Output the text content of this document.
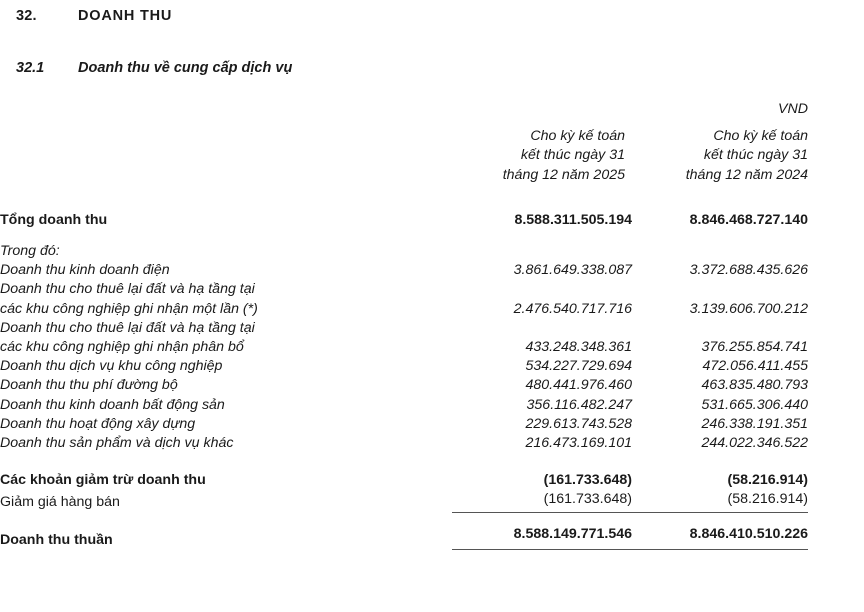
32.	DOANH THU
32.1	Doanh thu về cung cấp dịch vụ
		VND	
	Cho kỳ kế toán	Cho kỳ kế toán	
	kết thúc ngày 31	kết thúc ngày 31	
	tháng 12 năm 2025	tháng 12 năm 2024	
Tổng doanh thu	8.588.311.505.194	8.846.468.727.140	
Trong đó:			
Doanh thu kinh doanh điện	3.861.649.338.087	3.372.688.435.626	
Doanh thu cho thuê lại đất và hạ tầng tại			
các khu công nghiệp ghi nhận một lần (*)	2.476.540.717.716	3.139.606.700.212	
Doanh thu cho thuê lại đất và hạ tầng tại			
các khu công nghiệp ghi nhận phân bổ	433.248.348.361	376.255.854.741	
Doanh thu dịch vụ khu công nghiệp	534.227.729.694	472.056.411.455	
Doanh thu thu phí đường bộ	480.441.976.460	463.835.480.793	
Doanh thu kinh doanh bất động sản	356.116.482.247	531.665.306.440	
Doanh thu hoạt động xây dựng	229.613.743.528	246.338.191.351	
Doanh thu sản phẩm và dịch vụ khác	216.473.169.101	244.022.346.522	
Các khoản giảm trừ doanh thu	(161.733.648)	(58.216.914)	
Giảm giá hàng bán	(161.733.648)	(58.216.914)	

Doanh thu thuần	8.588.149.771.546	8.846.410.510.226	
